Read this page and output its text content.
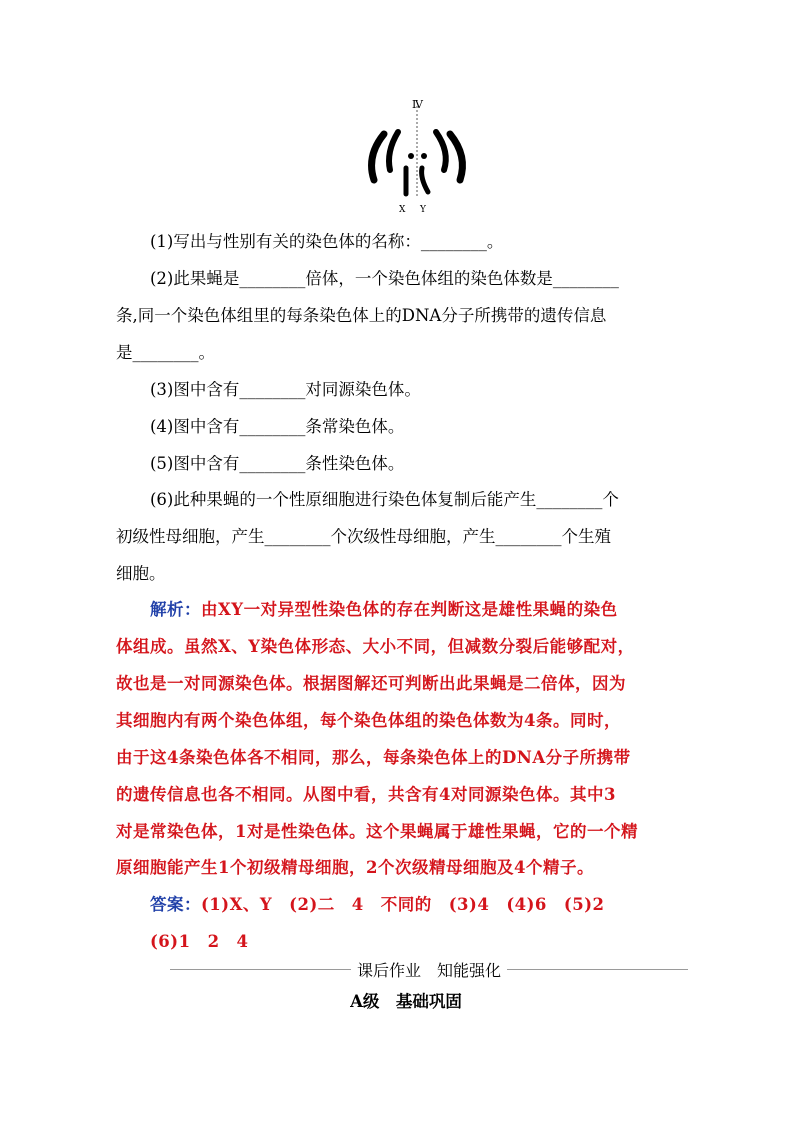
Ⅳ
X Y
(1)写出与性别有关的染色体的名称：________。
(2)此果蝇是________倍体，一个染色体组的染色体数是________
条,同一个染色体组里的每条染色体上的DNA分子所携带的遗传信息
是________。
(3)图中含有________对同源染色体。
(4)图中含有________条常染色体。
(5)图中含有________条性染色体。
(6)此种果蝇的一个性原细胞进行染色体复制后能产生________个
初级性母细胞，产生________个次级性母细胞，产生________个生殖
细胞。
解析：由XY一对异型性染色体的存在判断这是雄性果蝇的染色
体组成。虽然X、Y染色体形态、大小不同，但减数分裂后能够配对，
故也是一对同源染色体。根据图解还可判断出此果蝇是二倍体，因为
其细胞内有两个染色体组，每个染色体组的染色体数为4条。同时，
由于这4条染色体各不相同，那么，每条染色体上的DNA分子所携带
的遗传信息也各不相同。从图中看，共含有4对同源染色体。其中3
对是常染色体，1对是性染色体。这个果蝇属于雄性果蝇，它的一个精
原细胞能产生1个初级精母细胞，2个次级精母细胞及4个精子。
答案：(1)X、Y　(2)二　4　不同的　(3)4　(4)6　(5)2
(6)1　2　4
课后作业　知能强化
A级　基础巩固
